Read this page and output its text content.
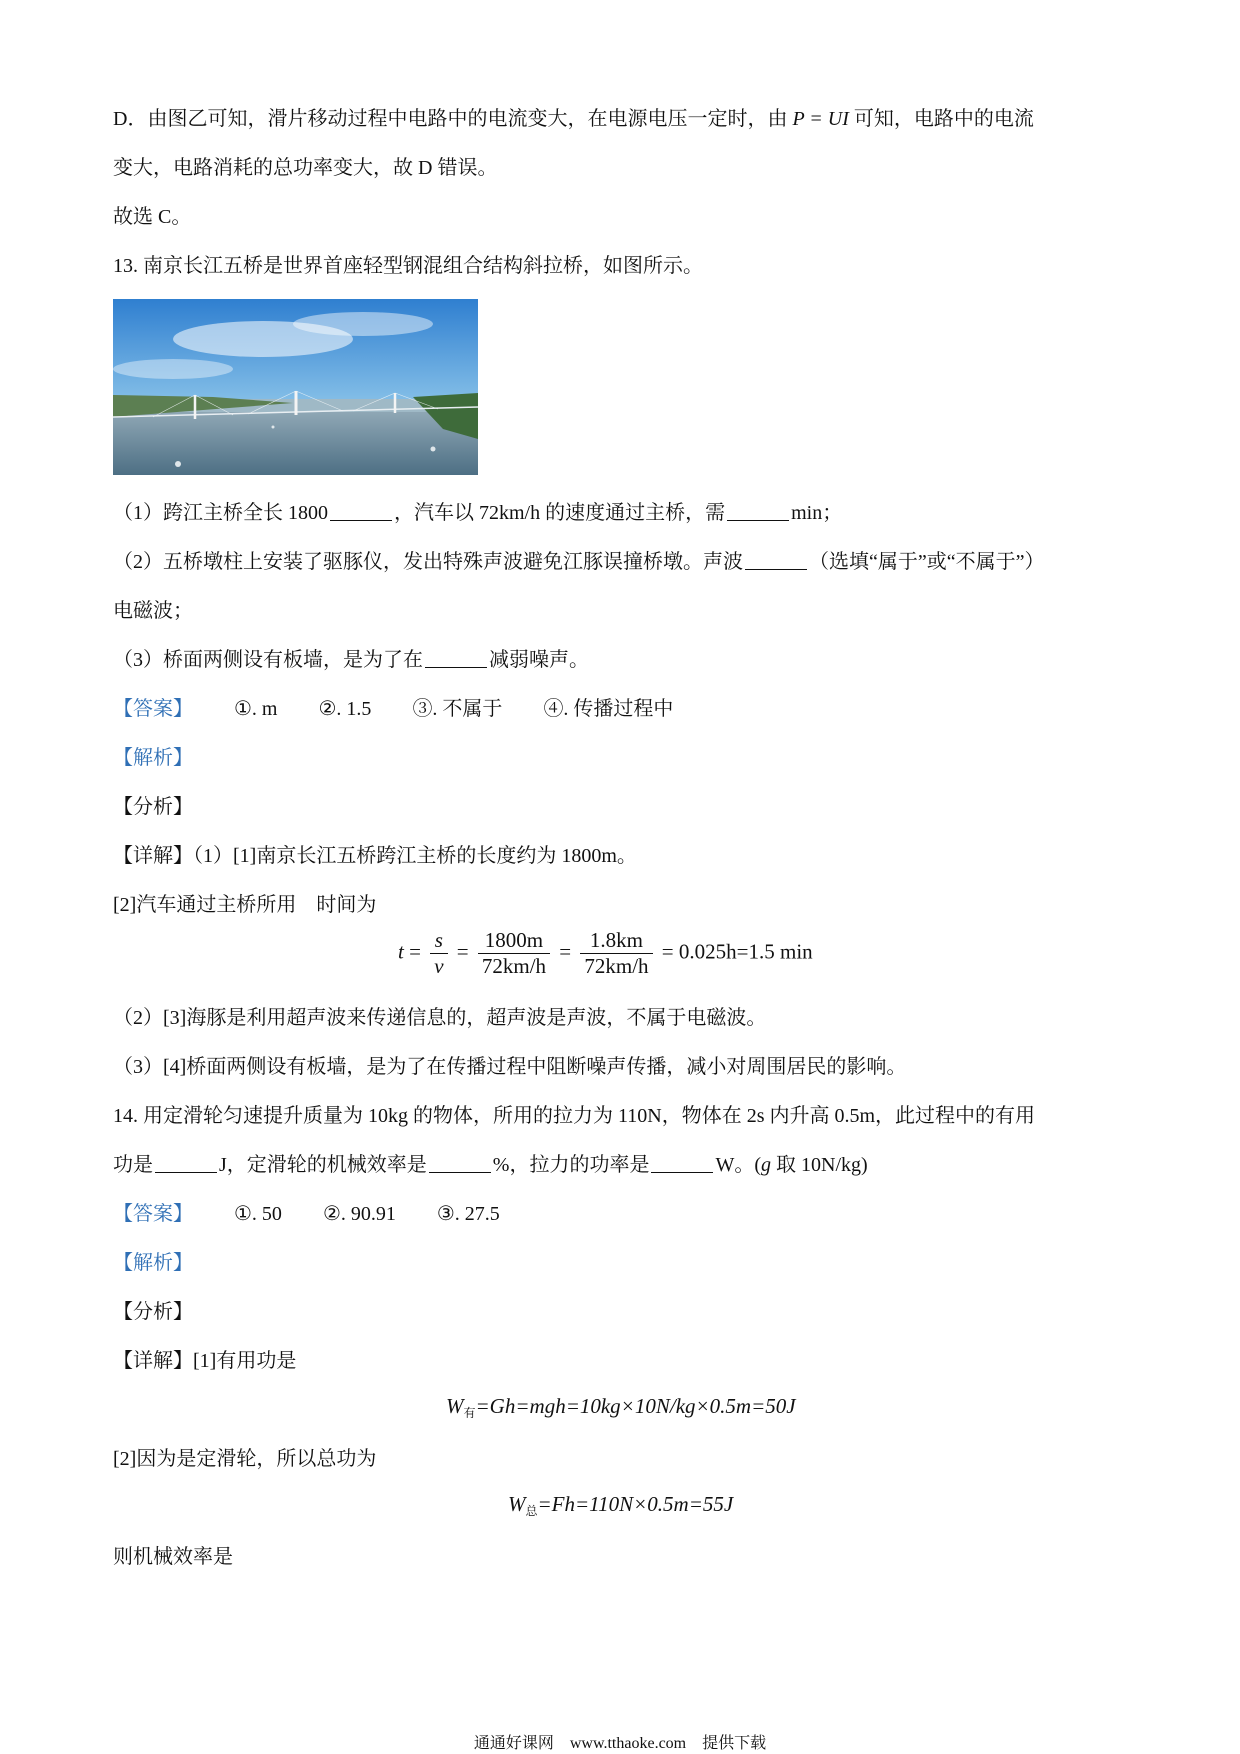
D．由图乙可知，滑片移动过程中电路中的电流变大，在电源电压一定时，由 P = UI 可知，电路中的电流
变大，电路消耗的总功率变大，故 D 错误。
故选 C。
13. 南京长江五桥是世界首座轻型钢混组合结构斜拉桥，如图所示。
（1）跨江主桥全长 1800	，汽车以 72km/h 的速度通过主桥，需	min；
（2）五桥墩柱上安装了驱豚仪，发出特殊声波避免江豚误撞桥墩。声波	（选填“属于”或“不属于”）
电磁波；
（3）桥面两侧设有板墙，是为了在	减弱噪声。
【答案】 ①. m ②. 1.5 ③. 不属于 ④. 传播过程中
【解析】
【分析】
【详解】（1）[1]南京长江五桥跨江主桥的长度约为 1800m。
[2]汽车通过主桥所用　时间为
$t = \frac{s}{v} = \frac{1800m}{72km/h} = \frac{1.8km}{72km/h} = 0.025h=1.5$ min
（2）[3]海豚是利用超声波来传递信息的，超声波是声波，不属于电磁波。
（3）[4]桥面两侧设有板墙，是为了在传播过程中阻断噪声传播，减小对周围居民的影响。
14. 用定滑轮匀速提升质量为 10kg 的物体，所用的拉力为 110N，物体在 2s 内升高 0.5m，此过程中的有用
功是	J，定滑轮的机械效率是	%，拉力的功率是	W。(g 取 10N/kg)
【答案】 ①. 50 ②. 90.91 ③. 27.5
【解析】
【分析】
【详解】[1]有用功是
$W_有=Gh=mgh=10kg\times 10N/kg\times 0.5m=50J$
[2]因为是定滑轮，所以总功为
$W_总=Fh=110N\times 0.5m=55J$
则机械效率是
通通好课网　www.tthaoke.com　提供下载
